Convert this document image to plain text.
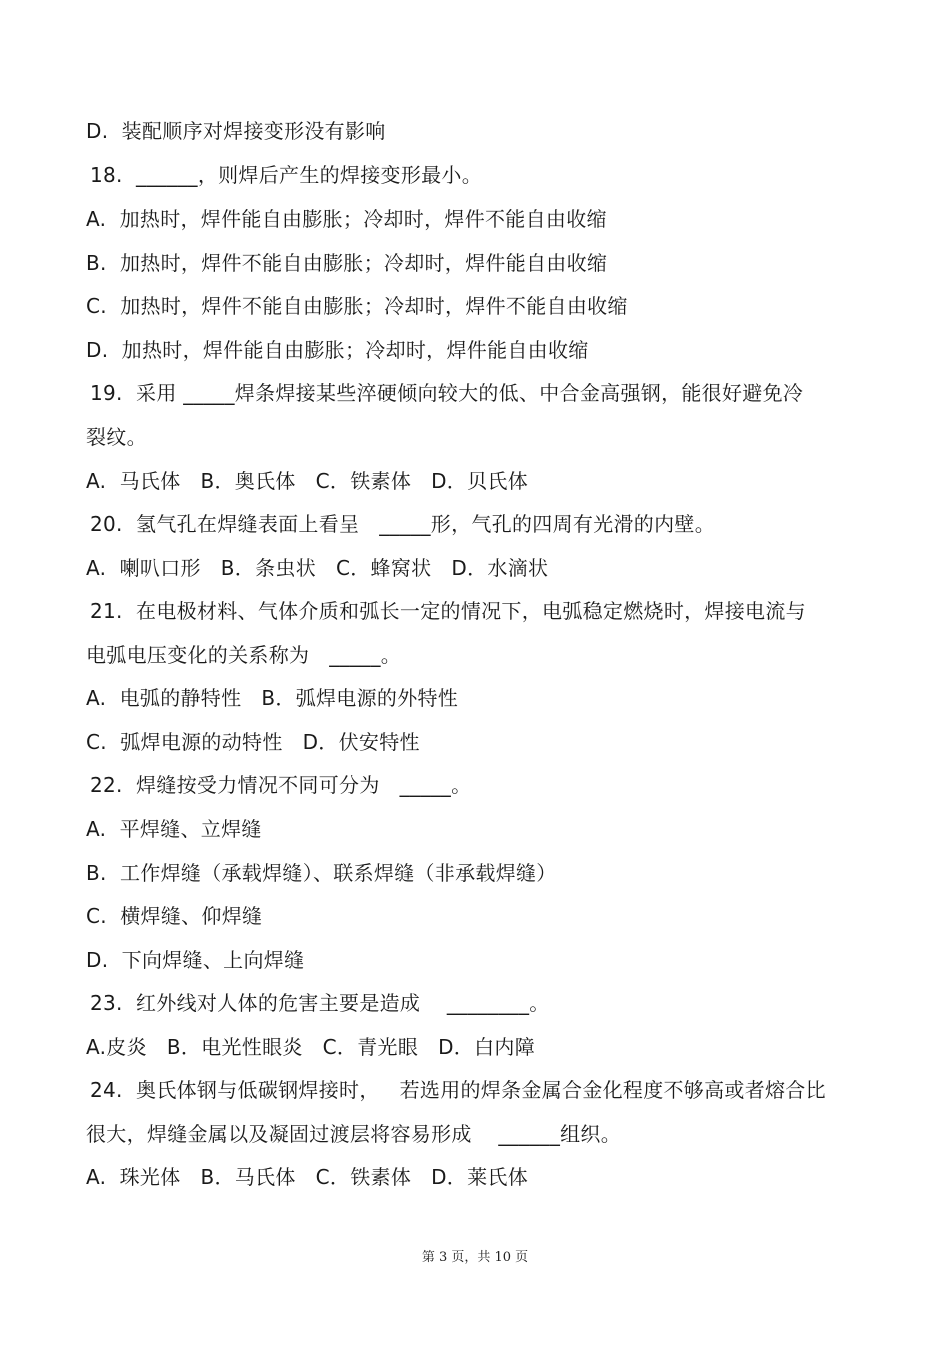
D.  装配顺序对焊接变形没有影响
18.  ______，则焊后产生的焊接变形最小。
A.  加热时，焊件能自由膨胀；冷却时，焊件不能自由收缩
B.  加热时，焊件不能自由膨胀；冷却时，焊件能自由收缩
C.  加热时，焊件不能自由膨胀；冷却时，焊件不能自由收缩
D.  加热时，焊件能自由膨胀；冷却时，焊件能自由收缩
19.  采用 _____焊条焊接某些淬硬倾向较大的低、中合金高强钢，能很好避免冷
裂纹。
A.  马氏体   B．奥氏体   C．铁素体   D．贝氏体
20.  氢气孔在焊缝表面上看呈   _____形，气孔的四周有光滑的内壁。
A.  喇叭口形   B．条虫状   C．蜂窝状   D．水滴状
21.  在电极材料、气体介质和弧长一定的情况下，电弧稳定燃烧时，焊接电流与
电弧电压变化的关系称为   _____。
A.  电弧的静特性   B．弧焊电源的外特性
C.  弧焊电源的动特性   D．伏安特性
22.  焊缝按受力情况不同可分为   _____。
A.  平焊缝、立焊缝
B.  工作焊缝（承载焊缝）、联系焊缝（非承载焊缝）
C.  横焊缝、仰焊缝
D.  下向焊缝、上向焊缝
23.  红外线对人体的危害主要是造成    ________。
A.皮炎   B．电光性眼炎   C．青光眼   D．白内障
24.  奥氏体钢与低碳钢焊接时，   若选用的焊条金属合金化程度不够高或者熔合比
很大，焊缝金属以及凝固过渡层将容易形成    ______组织。
A.  珠光体   B．马氏体   C．铁素体   D．莱氏体
第 3 页，共 10 页
